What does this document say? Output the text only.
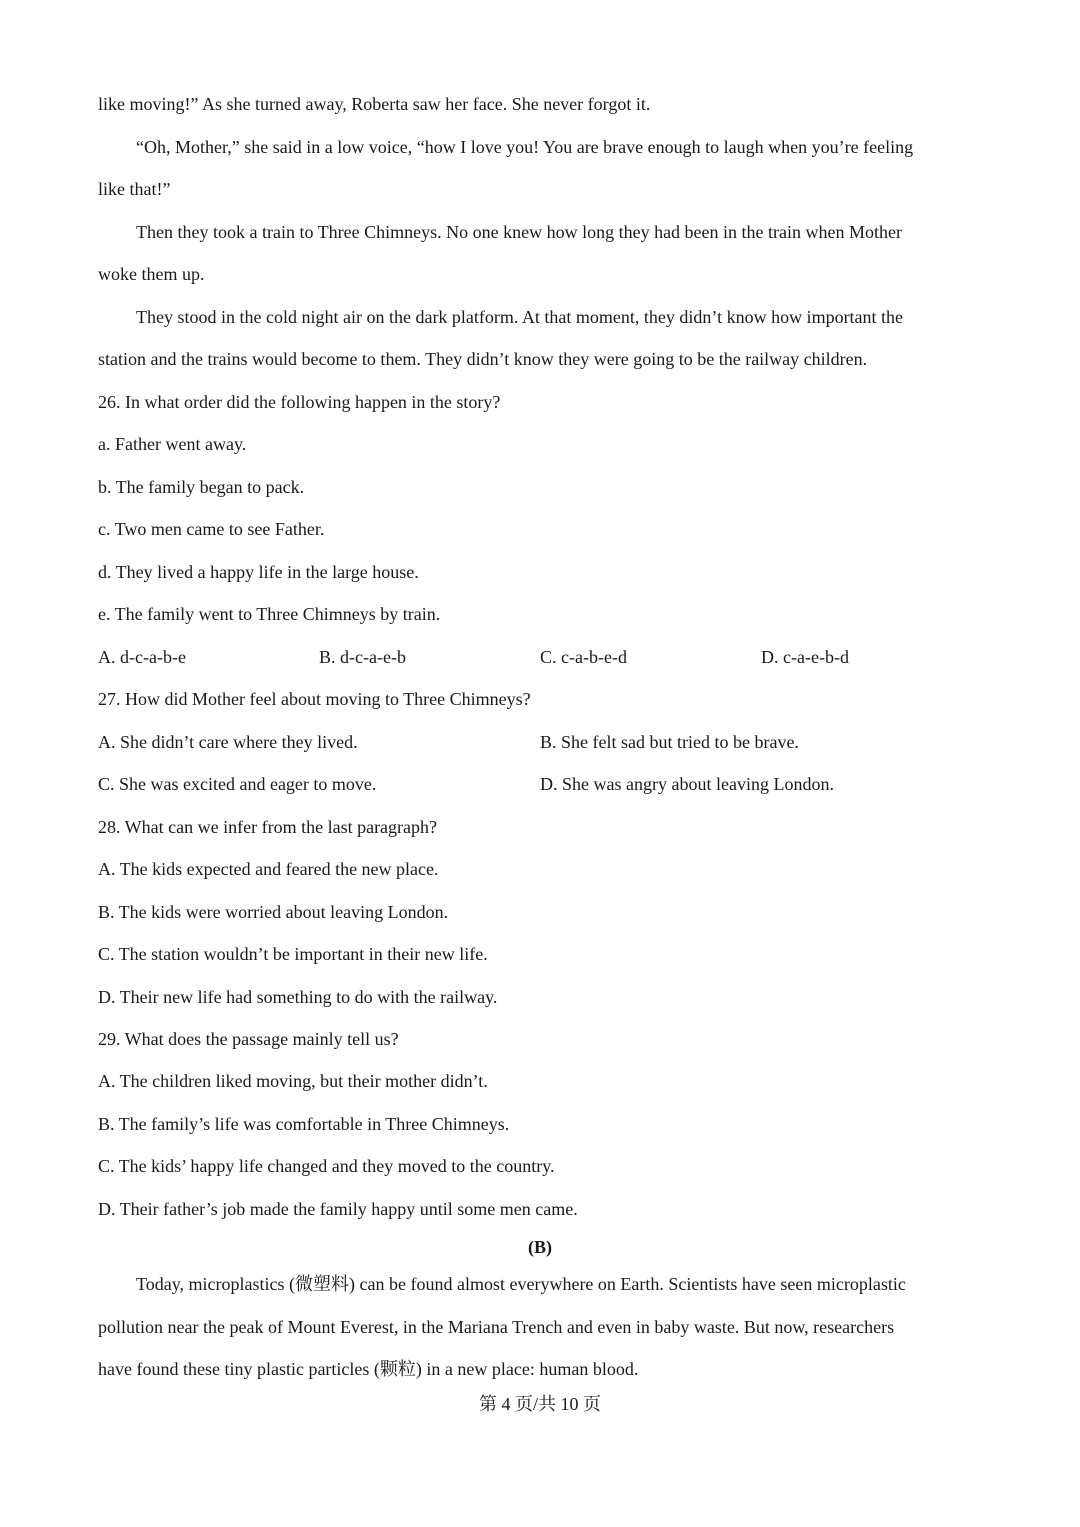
like moving!” As she turned away, Roberta saw her face. She never forgot it.
“Oh, Mother,” she said in a low voice, “how I love you! You are brave enough to laugh when you’re feeling
like that!”
Then they took a train to Three Chimneys. No one knew how long they had been in the train when Mother
woke them up.
They stood in the cold night air on the dark platform. At that moment, they didn’t know how important the
station and the trains would become to them. They didn’t know they were going to be the railway children.
26. In what order did the following happen in the story?
a. Father went away.
b. The family began to pack.
c. Two men came to see Father.
d. They lived a happy life in the large house.
e. The family went to Three Chimneys by train.
A. d-c-a-b-e	B. d-c-a-e-b	C. c-a-b-e-d	D. c-a-e-b-d
27. How did Mother feel about moving to Three Chimneys?
A. She didn’t care where they lived.	B. She felt sad but tried to be brave.
C. She was excited and eager to move.	D. She was angry about leaving London.
28. What can we infer from the last paragraph?
A. The kids expected and feared the new place.
B. The kids were worried about leaving London.
C. The station wouldn’t be important in their new life.
D. Their new life had something to do with the railway.
29. What does the passage mainly tell us?
A. The children liked moving, but their mother didn’t.
B. The family’s life was comfortable in Three Chimneys.
C. The kids’ happy life changed and they moved to the country.
D. Their father’s job made the family happy until some men came.
(B)
Today, microplastics (微塑料) can be found almost everywhere on Earth. Scientists have seen microplastic
pollution near the peak of Mount Everest, in the Mariana Trench and even in baby waste. But now, researchers
have found these tiny plastic particles (颗粒) in a new place: human blood.
第 4 页/共 10 页
